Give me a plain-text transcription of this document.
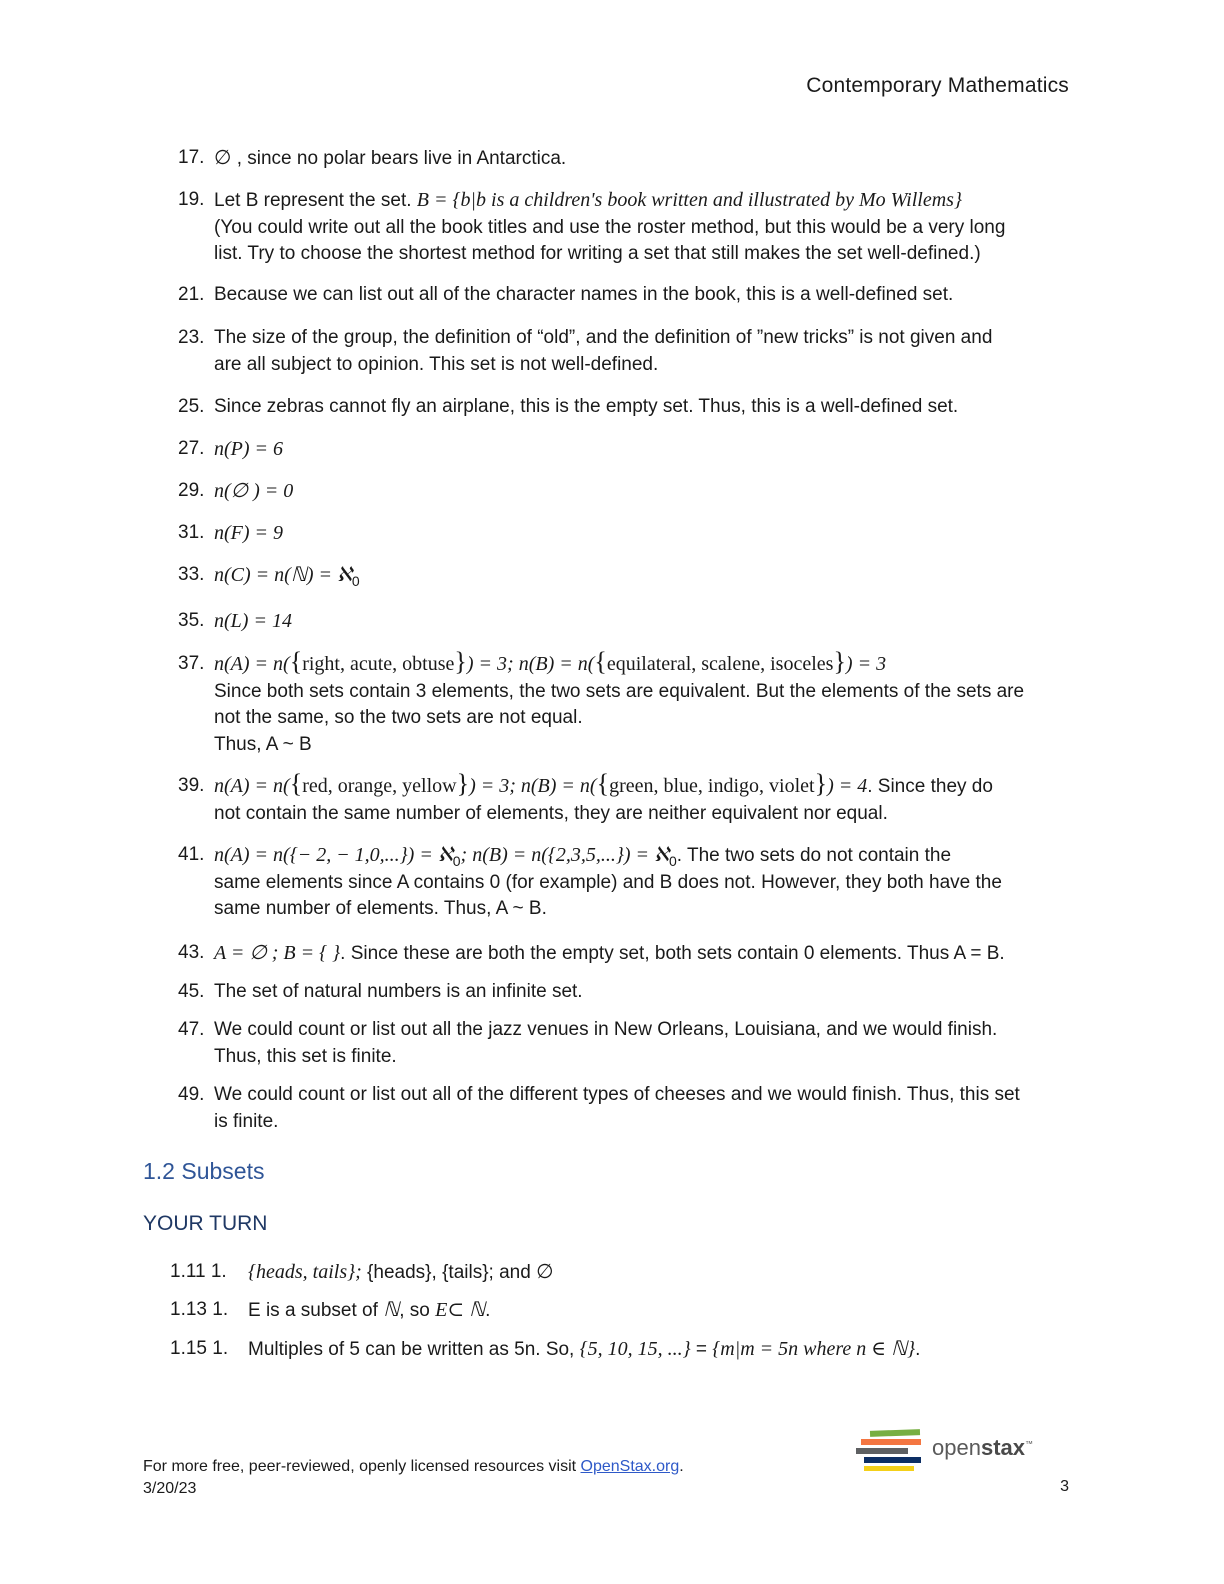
Contemporary Mathematics
17. ∅ , since no polar bears live in Antarctica.
19. Let B represent the set. B = {b|b is a children's book written and illustrated by Mo Willems}
(You could write out all the book titles and use the roster method, but this would be a very long
list. Try to choose the shortest method for writing a set that still makes the set well-defined.)
21. Because we can list out all of the character names in the book, this is a well-defined set.
23. The size of the group, the definition of “old”, and the definition of ”new tricks” is not given and
are all subject to opinion. This set is not well-defined.
25. Since zebras cannot fly an airplane, this is the empty set. Thus, this is a well-defined set.
27. n(P) = 6
29. n(∅ ) = 0
31. n(F) = 9
33. n(C) = n(ℕ) = ℵ$_0$
35. n(L) = 14
37. n(A) = n({right, acute, obtuse}) = 3; n(B) = n({equilateral, scalene, isoceles}) = 3
Since both sets contain 3 elements, the two sets are equivalent. But the elements of the sets are
not the same, so the two sets are not equal.
Thus, A ~ B
39. n(A) = n({red, orange, yellow}) = 3; n(B) = n({green, blue, indigo, violet}) = 4. Since they do
not contain the same number of elements, they are neither equivalent nor equal.
41. n(A) = n({− 2, − 1,0,...}) = ℵ$_0$; n(B) = n({2,3,5,...}) = ℵ$_0$. The two sets do not contain the
same elements since A contains 0 (for example) and B does not. However, they both have the
same number of elements. Thus, A ~ B.
43. A = ∅ ; B = { }. Since these are both the empty set, both sets contain 0 elements. Thus A = B.
45. The set of natural numbers is an infinite set.
47. We could count or list out all the jazz venues in New Orleans, Louisiana, and we would finish.
Thus, this set is finite.
49. We could count or list out all of the different types of cheeses and we would finish. Thus, this set
is finite.
1.2 Subsets
YOUR TURN
1.11 1.	{heads, tails}; {heads}, {tails}; and ∅
1.13 1.	E is a subset of ℕ, so E⊂ ℕ.
1.15 1.	Multiples of 5 can be written as 5n. So, {5, 10, 15, ...} = {m|m = 5n where n ∈ ℕ}.
openstax™
For more free, peer-reviewed, openly licensed resources visit OpenStax.org.
3/20/23	3
